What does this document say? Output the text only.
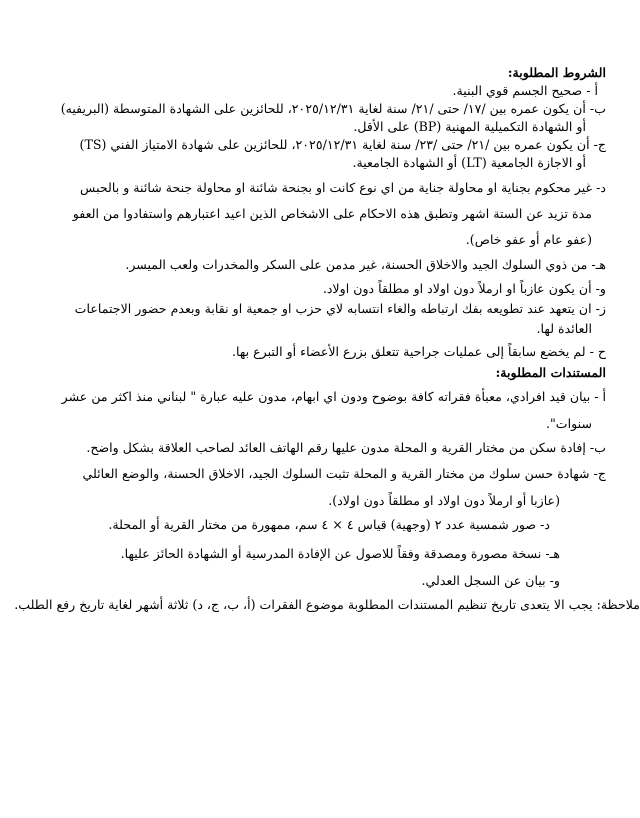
الشروط المطلوبة:
أ - صحيح الجسم قوي البنية.
ب- أن يكون عمره بين /١٧/ حتى /٢١/ سنة لغاية ٢٠٢٥/١٢/٣١، للحائزين على الشهادة المتوسطة (البريفيه)
أو الشهادة التكميلية المهنية (BP) على الأقل.
ج- أن يكون عمره بين /٢١/ حتى /٢٣/ سنة لغاية ٢٠٢٥/١٢/٣١، للحائزين على شهادة الامتياز الفني (TS)
أو الاجازة الجامعية (LT) أو الشهادة الجامعية.
د- غير محكوم بجناية او محاولة جناية من اي نوع كانت او بجنحة شائنة او محاولة جنحة شائنة و بالحبس
مدة تزيد عن الستة اشهر وتطبق هذه الاحكام على الاشخاص الذين اعيد اعتبارهم واستفادوا من العفو
(عفو عام أو عفو خاص).
هـ- من ذوي السلوك الجيد والاخلاق الحسنة، غير مدمن على السكر والمخدرات ولعب الميسر.
و- أن يكون عازباً او ارملاً دون اولاد او مطلقاً دون اولاد.
ز- ان يتعهد عند تطويعه بفك ارتباطه والغاء انتسابه لاي حزب او جمعية او نقابة وبعدم حضور الاجتماعات
العائدة لها.
ح - لم يخضع سابقاً إلى عمليات جراحية تتعلق بزرع الأعضاء أو التبرع بها.
المستندات المطلوبة:
أ - بيان قيد افرادي، معبأة فقراته كافة بوضوح ودون اي ابهام، مدون عليه عبارة " لبناني منذ اكثر من عشر
سنوات".
ب- إفادة سكن من مختار القرية و المحلة مدون عليها رقم الهاتف العائد لصاحب العلاقة بشكل واضح.
ج- شهادة حسن سلوك من مختار القرية و المحلة تثبت السلوك الجيد، الاخلاق الحسنة، والوضع العائلي
(عازبا أو ارملاً دون اولاد او مطلقاً دون اولاد).
د- صور شمسية عدد ٢ (وجهية) قياس ٤ × ٤ سم، ممهورة من مختار القرية أو المحلة.
هـ- نسخة مصورة ومصدقة وفقاً للاصول عن الإفادة المدرسية أو الشهادة الحائز عليها.
و- بيان عن السجل العدلي.
ملاحظة: يجب الا يتعدى تاريخ تنظيم المستندات المطلوبة موضوع الفقرات (أ، ب، ج، د) ثلاثة أشهر لغاية تاريخ رفع الطلب.
